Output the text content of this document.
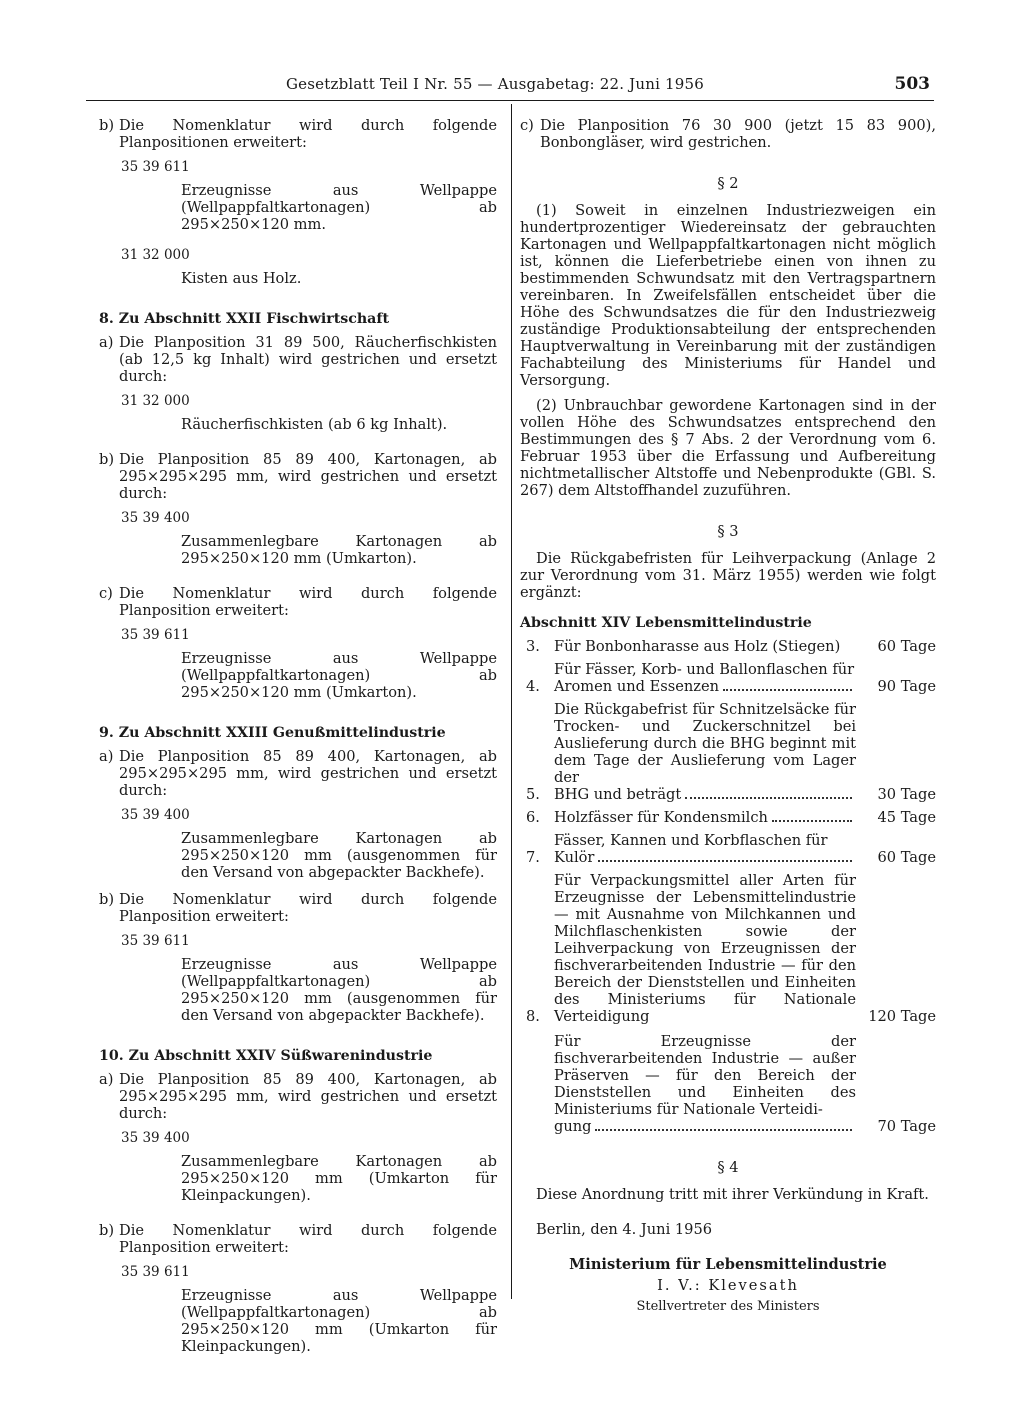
Gesetzblatt Teil I Nr. 55 — Ausgabetag: 22. Juni 1956	503
b) Die Nomenklatur wird durch folgende Planpositionen erweitert:
35 39 611
Erzeugnisse aus Wellpappe (Wellpappfaltkartonagen) ab 295×250×120 mm.
31 32 000
Kisten aus Holz.
8. Zu Abschnitt XXII Fischwirtschaft
a) Die Planposition 31 89 500, Räucherfischkisten (ab 12,5 kg Inhalt) wird gestrichen und ersetzt durch:
31 32 000
Räucherfischkisten (ab 6 kg Inhalt).
b) Die Planposition 85 89 400, Kartonagen, ab 295×295×295 mm, wird gestrichen und ersetzt durch:
35 39 400
Zusammenlegbare Kartonagen ab 295×250×120 mm (Umkarton).
c) Die Nomenklatur wird durch folgende Planposition erweitert:
35 39 611
Erzeugnisse aus Wellpappe (Wellpappfaltkartonagen) ab 295×250×120 mm (Umkarton).
9. Zu Abschnitt XXIII Genußmittelindustrie
a) Die Planposition 85 89 400, Kartonagen, ab 295×295×295 mm, wird gestrichen und ersetzt durch:
35 39 400
Zusammenlegbare Kartonagen ab 295×250×120 mm (ausgenommen für den Versand von abgepackter Backhefe).
b) Die Nomenklatur wird durch folgende Planposition erweitert:
35 39 611
Erzeugnisse aus Wellpappe (Wellpappfaltkartonagen) ab 295×250×120 mm (ausgenommen für den Versand von abgepackter Backhefe).
10. Zu Abschnitt XXIV Süßwarenindustrie
a) Die Planposition 85 89 400, Kartonagen, ab 295×295×295 mm, wird gestrichen und ersetzt durch:
35 39 400
Zusammenlegbare Kartonagen ab 295×250×120 mm (Umkarton für Kleinpackungen).
b) Die Nomenklatur wird durch folgende Planposition erweitert:
35 39 611
Erzeugnisse aus Wellpappe (Wellpappfaltkartonagen) ab 295×250×120 mm (Umkarton für Kleinpackungen).
c) Die Planposition 76 30 900 (jetzt 15 83 900), Bonbongläser, wird gestrichen.
§ 2

(1) Soweit in einzelnen Industriezweigen ein hundertprozentiger Wiedereinsatz der gebrauchten Kartonagen und Wellpappfaltkartonagen nicht möglich ist, können die Lieferbetriebe einen von ihnen zu bestimmenden Schwundsatz mit den Vertragspartnern vereinbaren. In Zweifelsfällen entscheidet über die Höhe des Schwundsatzes die für den Industriezweig zuständige Produktionsabteilung der entsprechenden Hauptverwaltung in Vereinbarung mit der zuständigen Fachabteilung des Ministeriums für Handel und Versorgung.

(2) Unbrauchbar gewordene Kartonagen sind in der vollen Höhe des Schwundsatzes entsprechend den Bestimmungen des § 7 Abs. 2 der Verordnung vom 6. Februar 1953 über die Erfassung und Aufbereitung nichtmetallischer Altstoffe und Nebenprodukte (GBl. S. 267) dem Altstoffhandel zuzuführen.

§ 3

Die Rückgabefristen für Leihverpackung (Anlage 2 zur Verordnung vom 31. März 1955) werden wie folgt ergänzt:

Abschnitt XIV Lebensmittelindustrie
3. Für Bonbonharasse aus Holz (Stiegen)	60 Tage
4.
Für Fässer, Korb- und Ballonflaschen für
Aromen und Essenzen	90 Tage
5.
Die Rückgabefrist für Schnitzelsäcke für Trocken- und Zuckerschnitzel bei Auslieferung durch die BHG beginnt mit dem Tage der Auslieferung vom Lager der
BHG und beträgt	30 Tage
6. Holzfässer für Kondensmilch	45 Tage
7.
Fässer, Kannen und Korbflaschen für
Kulör	60 Tage
8.
Für Verpackungsmittel aller Arten für Erzeugnisse der Lebensmittelindustrie — mit Ausnahme von Milchkannen und Milchflaschenkisten sowie der Leihverpackung von Erzeugnissen der fischverarbeitenden Industrie — für den Bereich der Dienststellen und Einheiten des Ministeriums für Nationale Verteidigung	120 Tage
Für Erzeugnisse der fischverarbeitenden Industrie — außer Präserven — für den Bereich der Dienststellen und Einheiten des Ministeriums für Nationale Verteidi-
gung	70 Tage
§ 4

Diese Anordnung tritt mit ihrer Verkündung in Kraft.

Berlin, den 4. Juni 1956

Ministerium für Lebensmittelindustrie
I. V.: Klevesath
Stellvertreter des Ministers
